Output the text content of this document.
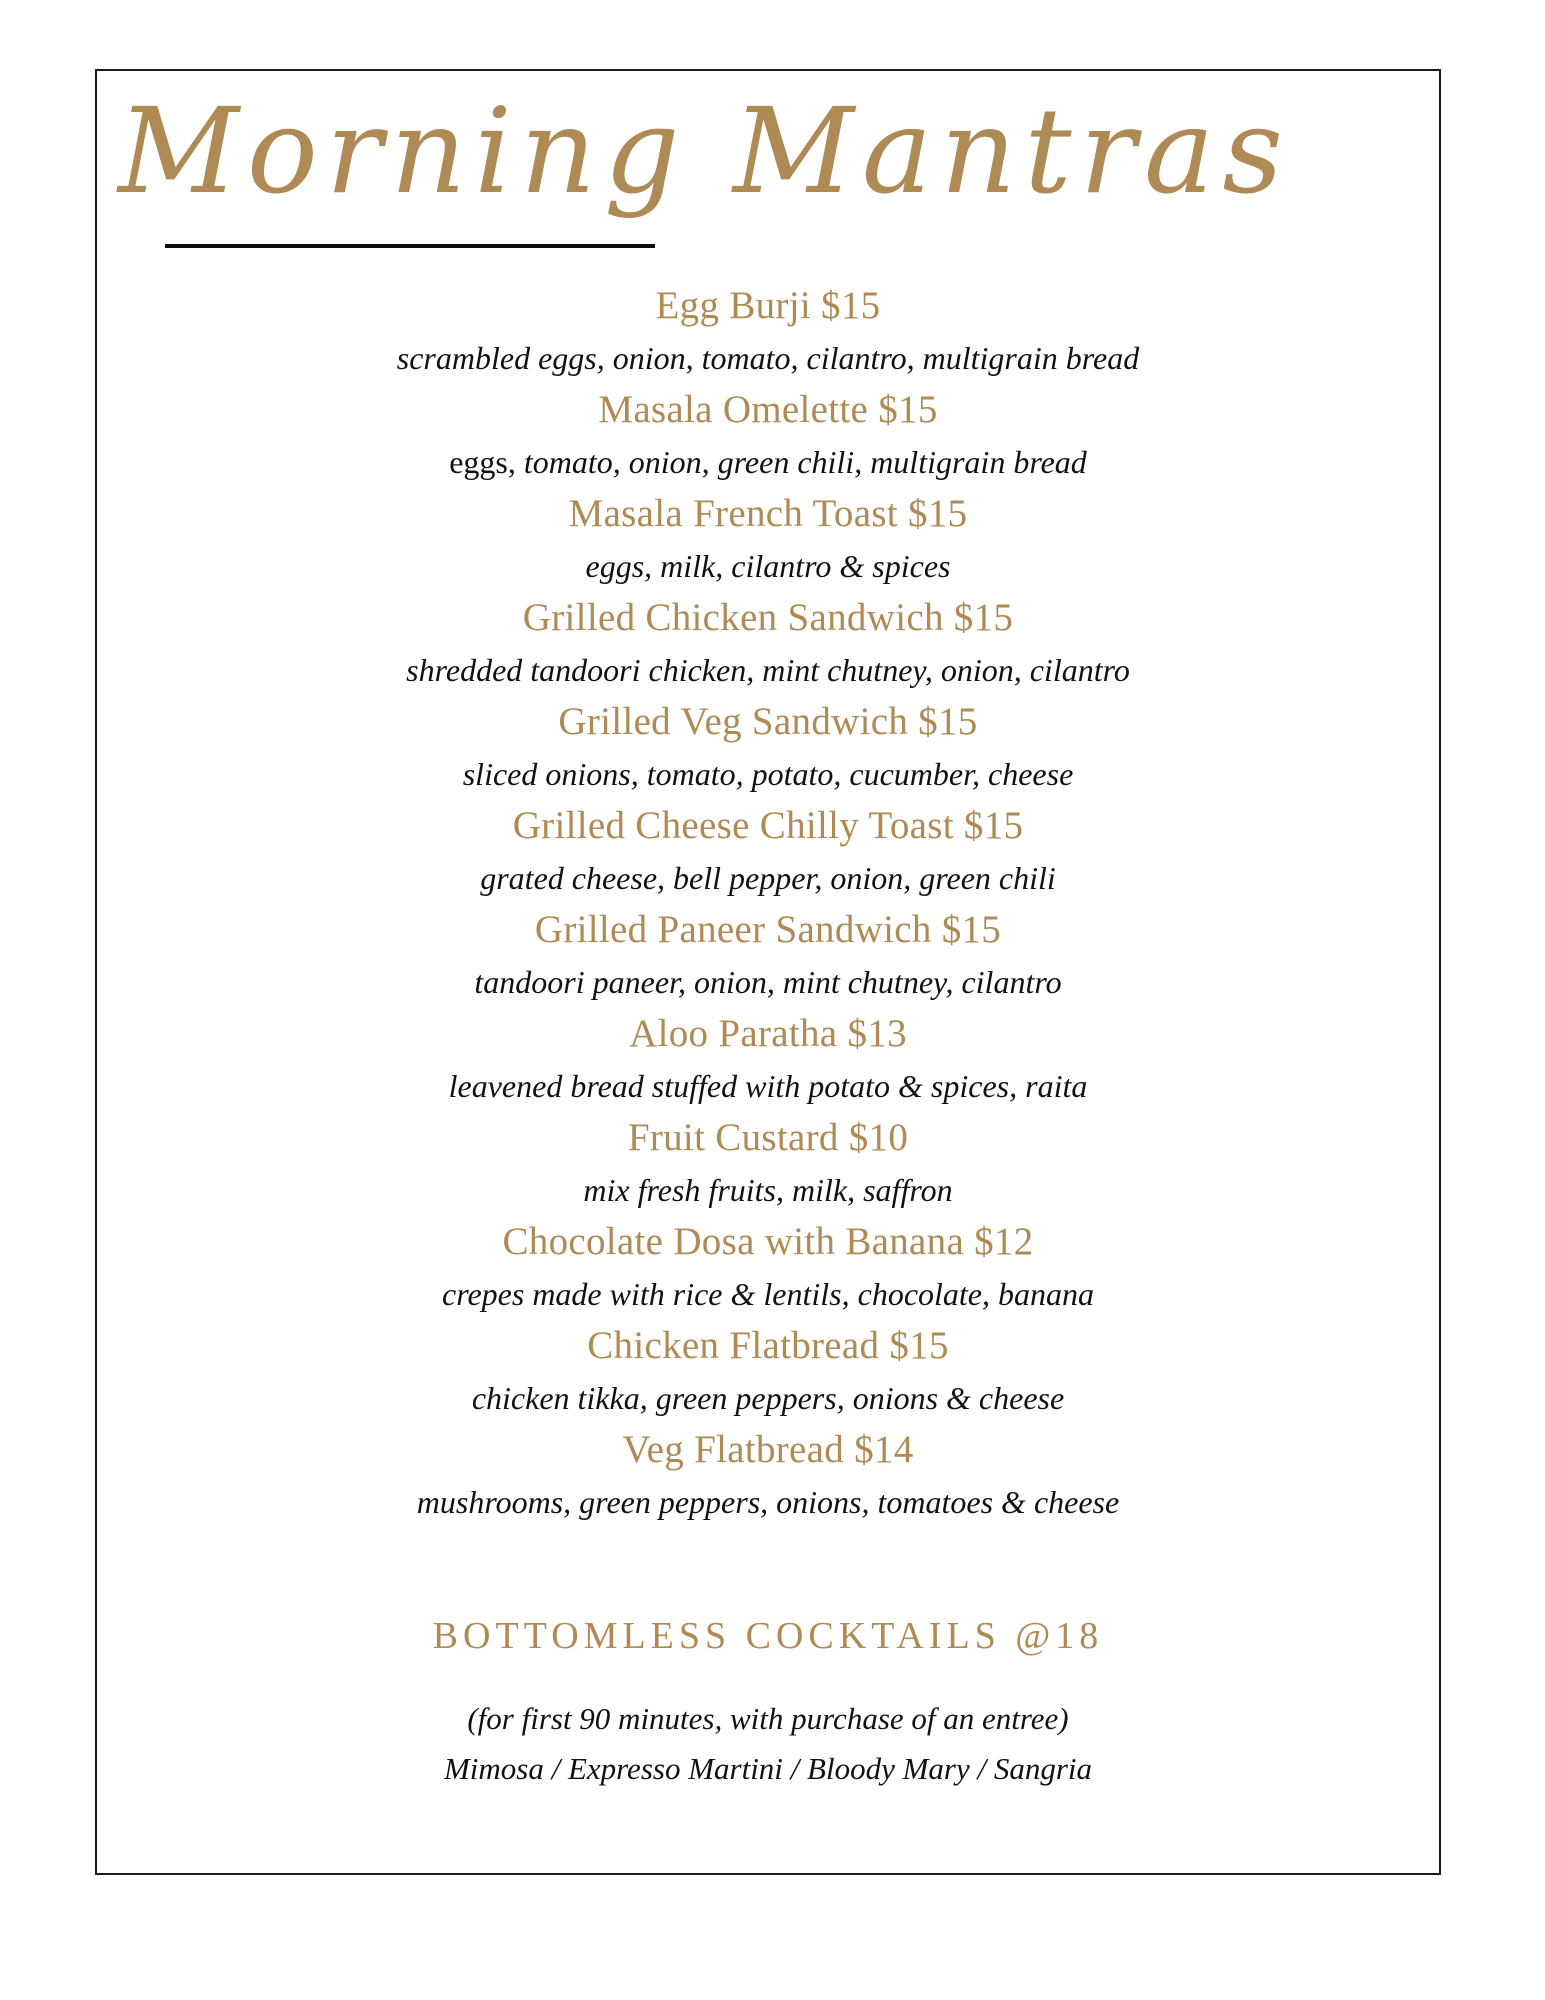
Morning Mantras
Egg Burji $15
scrambled eggs, onion, tomato, cilantro, multigrain bread
Masala Omelette $15
eggs, tomato, onion, green chili, multigrain bread
Masala French Toast $15
eggs, milk, cilantro & spices
Grilled Chicken Sandwich $15
shredded tandoori chicken, mint chutney, onion, cilantro
Grilled Veg Sandwich $15
sliced onions, tomato, potato, cucumber, cheese
Grilled Cheese Chilly Toast $15
grated cheese, bell pepper, onion, green chili
Grilled Paneer Sandwich $15
tandoori paneer, onion, mint chutney, cilantro
Aloo Paratha $13
leavened bread stuffed with potato & spices, raita
Fruit Custard $10
mix fresh fruits, milk, saffron
Chocolate Dosa with Banana $12
crepes made with rice & lentils, chocolate, banana
Chicken Flatbread $15
chicken tikka, green peppers, onions & cheese
Veg Flatbread $14
mushrooms, green peppers, onions, tomatoes & cheese
BOTTOMLESS COCKTAILS @18
(for first 90 minutes, with purchase of an entree)
Mimosa / Expresso Martini / Bloody Mary / Sangria
